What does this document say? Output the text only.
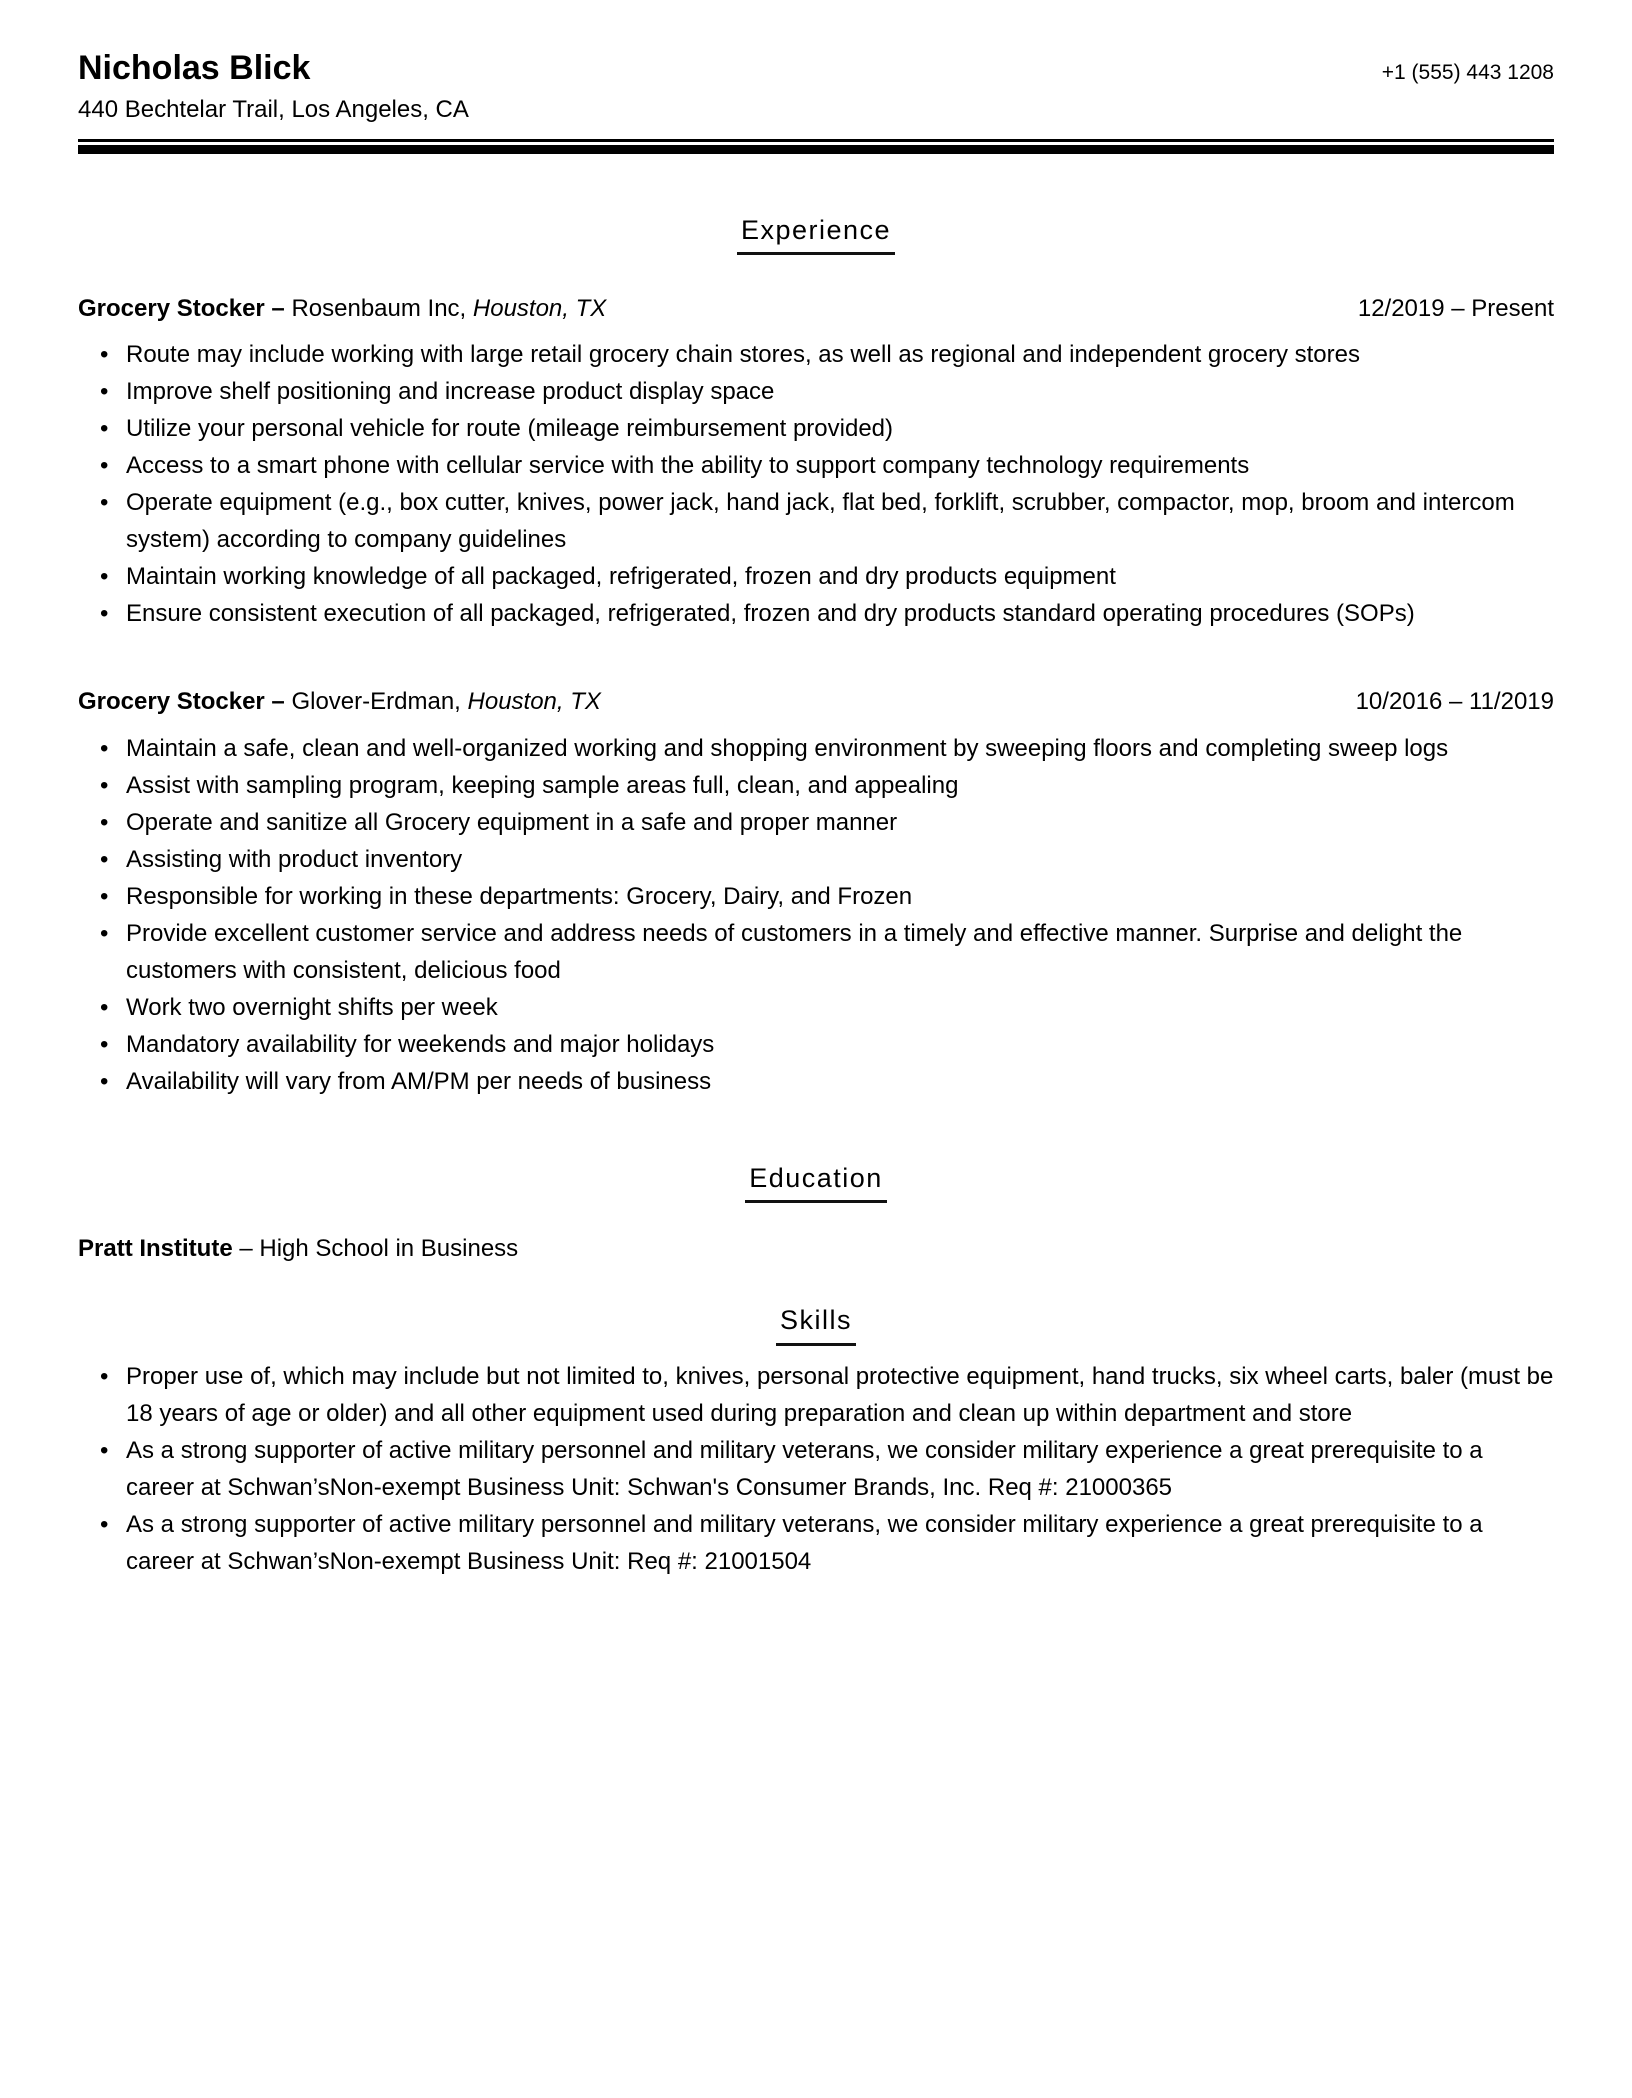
Nicholas Blick	+1 (555) 443 1208
440 Bechtelar Trail, Los Angeles, CA
Experience
Grocery Stocker – Rosenbaum Inc, Houston, TX	12/2019 – Present
• Route may include working with large retail grocery chain stores, as well as regional and independent grocery stores
• Improve shelf positioning and increase product display space
• Utilize your personal vehicle for route (mileage reimbursement provided)
• Access to a smart phone with cellular service with the ability to support company technology requirements
• Operate equipment (e.g., box cutter, knives, power jack, hand jack, flat bed, forklift, scrubber, compactor, mop, broom and intercom system) according to company guidelines
• Maintain working knowledge of all packaged, refrigerated, frozen and dry products equipment
• Ensure consistent execution of all packaged, refrigerated, frozen and dry products standard operating procedures (SOPs)
Grocery Stocker – Glover-Erdman, Houston, TX	10/2016 – 11/2019
• Maintain a safe, clean and well-organized working and shopping environment by sweeping floors and completing sweep logs
• Assist with sampling program, keeping sample areas full, clean, and appealing
• Operate and sanitize all Grocery equipment in a safe and proper manner
• Assisting with product inventory
• Responsible for working in these departments: Grocery, Dairy, and Frozen
• Provide excellent customer service and address needs of customers in a timely and effective manner. Surprise and delight the customers with consistent, delicious food
• Work two overnight shifts per week
• Mandatory availability for weekends and major holidays
• Availability will vary from AM/PM per needs of business
Education
Pratt Institute – High School in Business
Skills
• Proper use of, which may include but not limited to, knives, personal protective equipment, hand trucks, six wheel carts, baler (must be 18 years of age or older) and all other equipment used during preparation and clean up within department and store
• As a strong supporter of active military personnel and military veterans, we consider military experience a great prerequisite to a career at Schwan’sNon-exempt Business Unit: Schwan's Consumer Brands, Inc. Req #: 21000365
• As a strong supporter of active military personnel and military veterans, we consider military experience a great prerequisite to a career at Schwan’sNon-exempt Business Unit: Req #: 21001504
